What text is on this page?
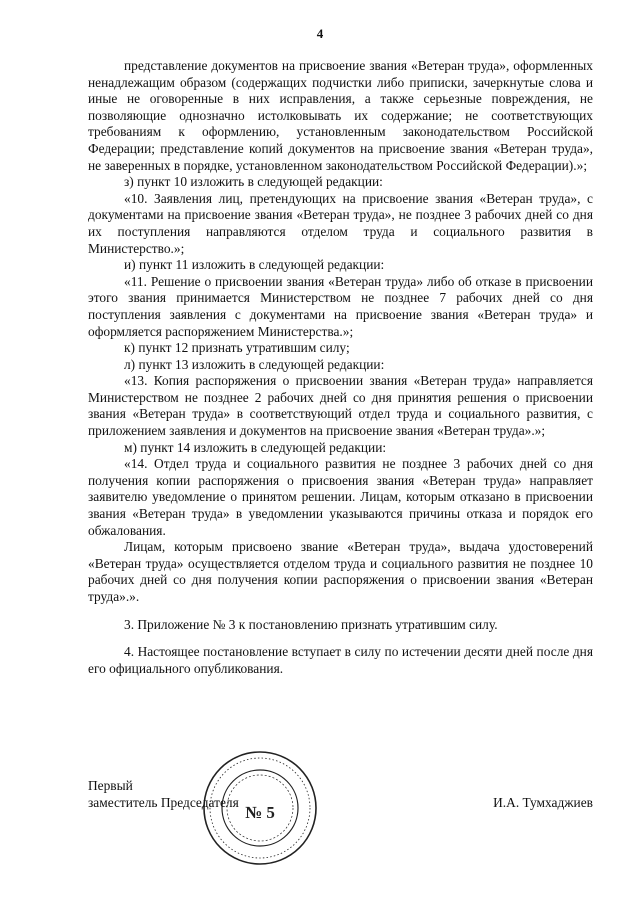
4

представление документов на присвоение звания «Ветеран труда», оформленных ненадлежащим образом (содержащих подчистки либо приписки, зачеркнутые слова и иные не оговоренные в них исправления, а также серьезные повреждения, не позволяющие однозначно истолковывать их содержание; не соответствующих требованиям к оформлению, установленным законодательством Российской Федерации; представление копий документов на присвоение звания «Ветеран труда», не заверенных в порядке, установленном законодательством Российской Федерации).»;

з) пункт 10 изложить в следующей редакции:

«10. Заявления лиц, претендующих на присвоение звания «Ветеран труда», с документами на присвоение звания «Ветеран труда», не позднее 3 рабочих дней со дня их поступления направляются отделом труда и социального развития в Министерство.»;

и) пункт 11 изложить в следующей редакции:

«11. Решение о присвоении звания «Ветеран труда» либо об отказе в присвоении этого звания принимается Министерством не позднее 7 рабочих дней со дня поступления заявления с документами на присвоение звания «Ветеран труда» и оформляется распоряжением Министерства.»;

к) пункт 12 признать утратившим силу;

л) пункт 13 изложить в следующей редакции:

«13. Копия распоряжения о присвоении звания «Ветеран труда» направляется Министерством не позднее 2 рабочих дней со дня принятия решения о присвоении звания «Ветеран труда» в соответствующий отдел труда и социального развития, с приложением заявления и документов на присвоение звания «Ветеран труда».»;

м) пункт 14 изложить в следующей редакции:

«14. Отдел труда и социального развития не позднее 3 рабочих дней со дня получения копии распоряжения о присвоения звания «Ветеран труда» направляет заявителю уведомление о принятом решении. Лицам, которым отказано в присвоении звания «Ветеран труда» в уведомлении указываются причины отказа и порядок его обжалования.

Лицам, которым присвоено звание «Ветеран труда», выдача удостоверений «Ветеран труда» осуществляется отделом труда и социального развития не позднее 10 рабочих дней со дня получения копии распоряжения о присвоении звания «Ветеран труда».».

3. Приложение № 3 к постановлению признать утратившим силу.

4. Настоящее постановление вступает в силу по истечении десяти дней после дня его официального опубликования.

№ 5
Первый
заместитель Председателя	И.А. Тумхаджиев
